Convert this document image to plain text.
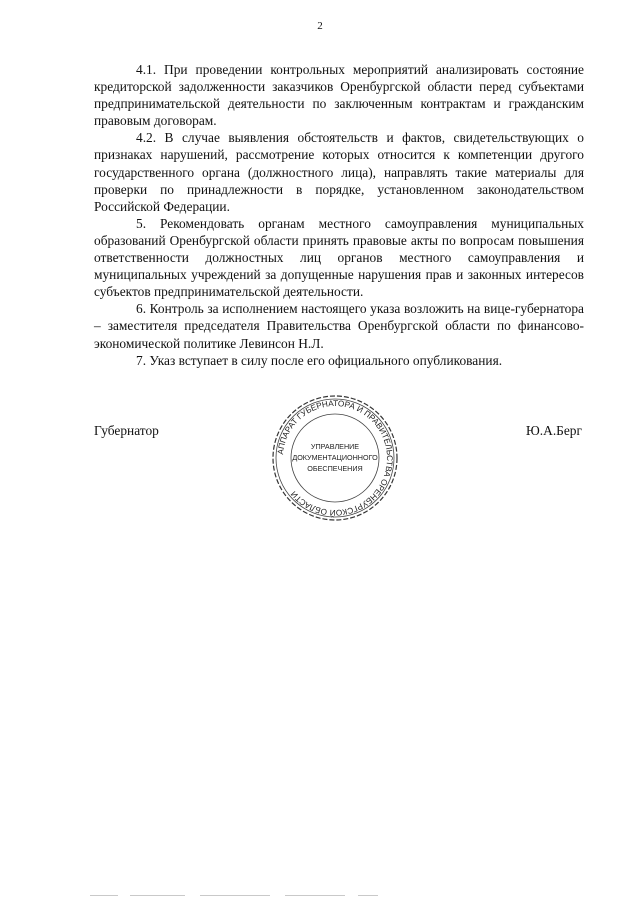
2

4.1. При проведении контрольных мероприятий анализировать состояние кредиторской задолженности заказчиков Оренбургской области перед субъектами предпринимательской деятельности по заключенным контрактам и гражданским правовым договорам.

4.2. В случае выявления обстоятельств и фактов, свидетельствующих о признаках нарушений, рассмотрение которых относится к компетенции другого государственного органа (должностного лица), направлять такие материалы для проверки по принадлежности в порядке, установленном законодательством Российской Федерации.

5. Рекомендовать органам местного самоуправления муниципальных образований Оренбургской области принять правовые акты по вопросам повышения ответственности должностных лиц органов местного самоуправления и муниципальных учреждений за допущенные нарушения прав и законных интересов субъектов предпринимательской деятельности.

6. Контроль за исполнением настоящего указа возложить на вице-губернатора – заместителя председателя Правительства Оренбургской области по финансово-экономической политике Левинсон Н.Л.

7. Указ вступает в силу после его официального опубликования.

Губернатор	Ю.А.Берг
АППАРАТ ГУБЕРНАТОРА И ПРАВИТЕЛЬСТВА ОРЕНБУРГСКОЙ ОБЛАСТИ
УПРАВЛЕНИЕ
ДОКУМЕНТАЦИОННОГО
ОБЕСПЕЧЕНИЯ
